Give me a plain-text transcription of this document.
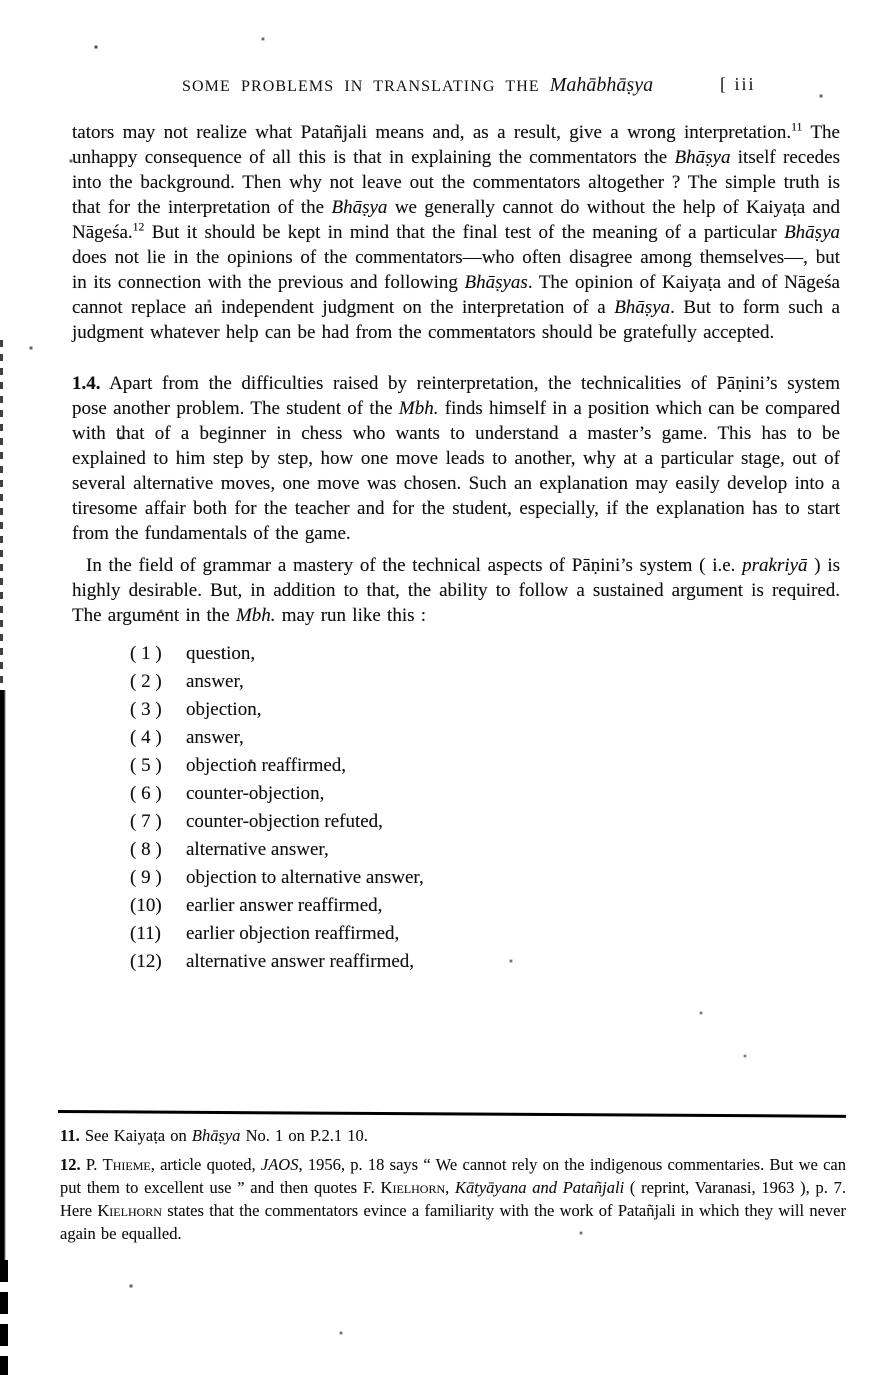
SOME PROBLEMS IN TRANSLATING THE Mahābhāṣya	[ iii

tators may not realize what Patañjali means and, as a result, give a wrong interpretation.$^{11}$ The unhappy consequence of all this is that in explaining the commentators the Bhāṣya itself recedes into the background. Then why not leave out the commentators altogether ? The simple truth is that for the interpretation of the Bhāṣya we generally cannot do without the help of Kaiyaṭa and Nāgeśa.$^{12}$ But it should be kept in mind that the final test of the meaning of a particular Bhāṣya does not lie in the opinions of the commentators—who often disagree among themselves—, but in its connection with the previous and following Bhāṣyas. The opinion of Kaiyaṭa and of Nāgeśa cannot replace an independent judgment on the interpretation of a Bhāṣya. But to form such a judgment whatever help can be had from the commentators should be gratefully accepted.

1.4. Apart from the difficulties raised by reinterpretation, the technicalities of Pāṇini’s system pose another problem. The student of the Mbh. finds himself in a position which can be compared with that of a beginner in chess who wants to understand a master’s game. This has to be explained to him step by step, how one move leads to another, why at a particular stage, out of several alternative moves, one move was chosen. Such an explanation may easily develop into a tiresome affair both for the teacher and for the student, especially, if the explanation has to start from the fundamentals of the game.

In the field of grammar a mastery of the technical aspects of Pāṇini’s system ( i.e. prakriyā ) is highly desirable. But, in addition to that, the ability to follow a sustained argument is required. The argument in the Mbh. may run like this :

( 1 ) question,
( 2 ) answer,
( 3 ) objection,
( 4 ) answer,
( 5 ) objection reaffirmed,
( 6 ) counter-objection,
( 7 ) counter-objection refuted,
( 8 ) alternative answer,
( 9 ) objection to alternative answer,
(10) earlier answer reaffirmed,
(11) earlier objection reaffirmed,
(12) alternative answer reaffirmed,

11. See Kaiyaṭa on Bhāṣya No. 1 on P.2.1 10.

12. P. Thieme, article quoted, JAOS, 1956, p. 18 says “ We cannot rely on the indigenous commentaries. But we can put them to excellent use ” and then quotes F. Kielhorn, Kātyāyana and Patañjali ( reprint, Varanasi, 1963 ), p. 7. Here Kielhorn states that the commentators evince a familiarity with the work of Patañjali in which they will never again be equalled.
